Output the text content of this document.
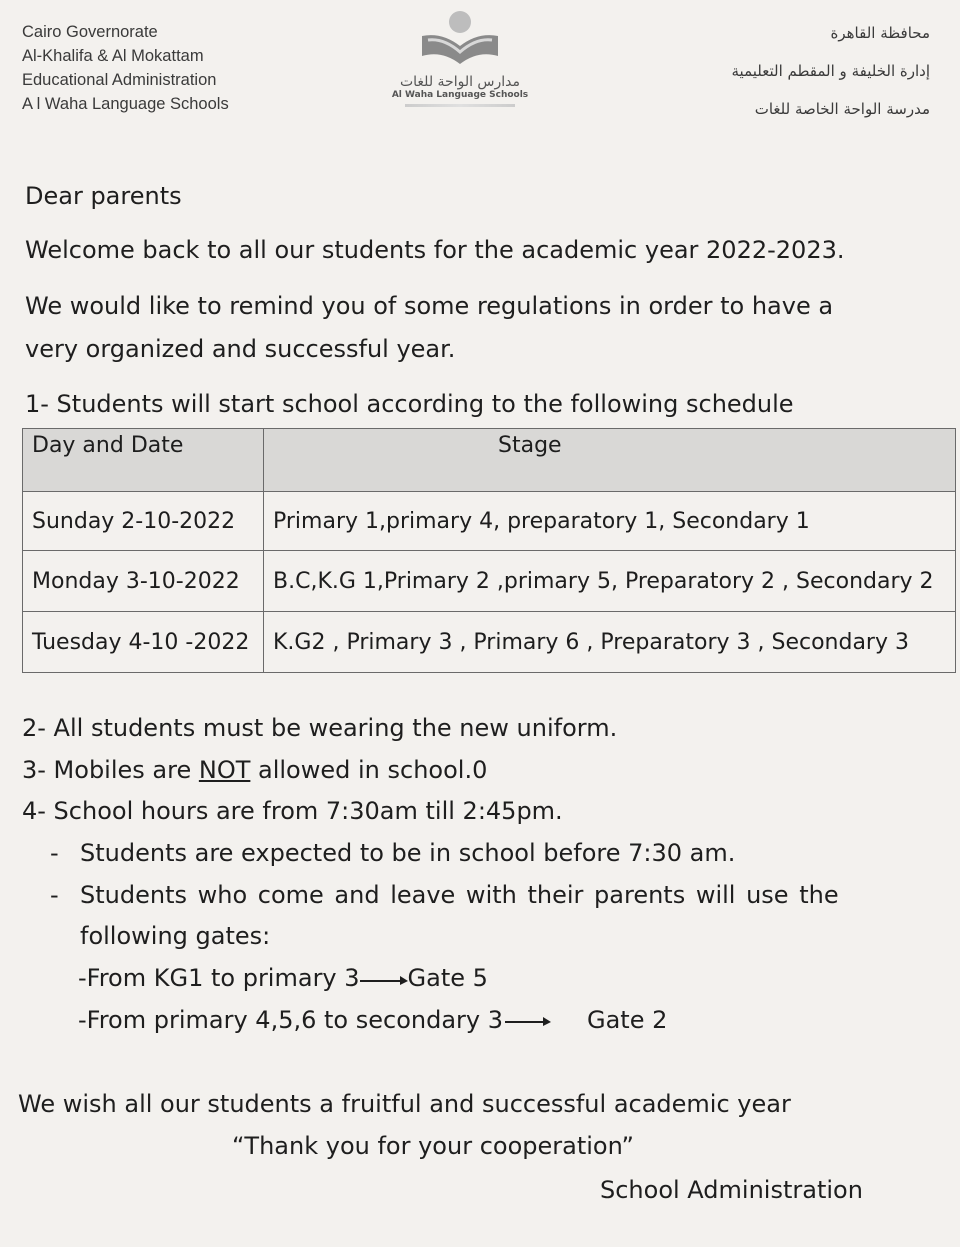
Cairo Governorate
Al-Khalifa & Al Mokattam
Educational Administration
A l Waha Language Schools
مدارس الواحة للغات
Al Waha Language Schools
محافظة القاهرة
إدارة الخليفة و المقطم التعليمية
مدرسة الواحة الخاصة للغات
Dear parents
Welcome back to all our students for the academic year 2022-2023.
We would like to remind you of some regulations in order to have a
very organized and successful year.
1- Students will start school according to the following schedule
Day and Date	Stage
Sunday 2-10-2022	Primary 1,primary 4, preparatory 1, Secondary 1
Monday 3-10-2022	B.C,K.G 1,Primary 2 ,primary 5, Preparatory 2 , Secondary 2
Tuesday 4-10 -2022	K.G2 , Primary 3 , Primary 6 , Preparatory 3 , Secondary 3
2- All students must be wearing the new uniform.
3- Mobiles are NOT allowed in school.0
4- School hours are from 7:30am till 2:45pm.
- Students are expected to be in school before 7:30 am.
- Students who come and leave with their parents will use the
following gates:
-From KG1 to primary 3 Gate 5
-From primary 4,5,6 to secondary 3	Gate 2
We wish all our students a fruitful and successful academic year
“Thank you for your cooperation”
School Administration
